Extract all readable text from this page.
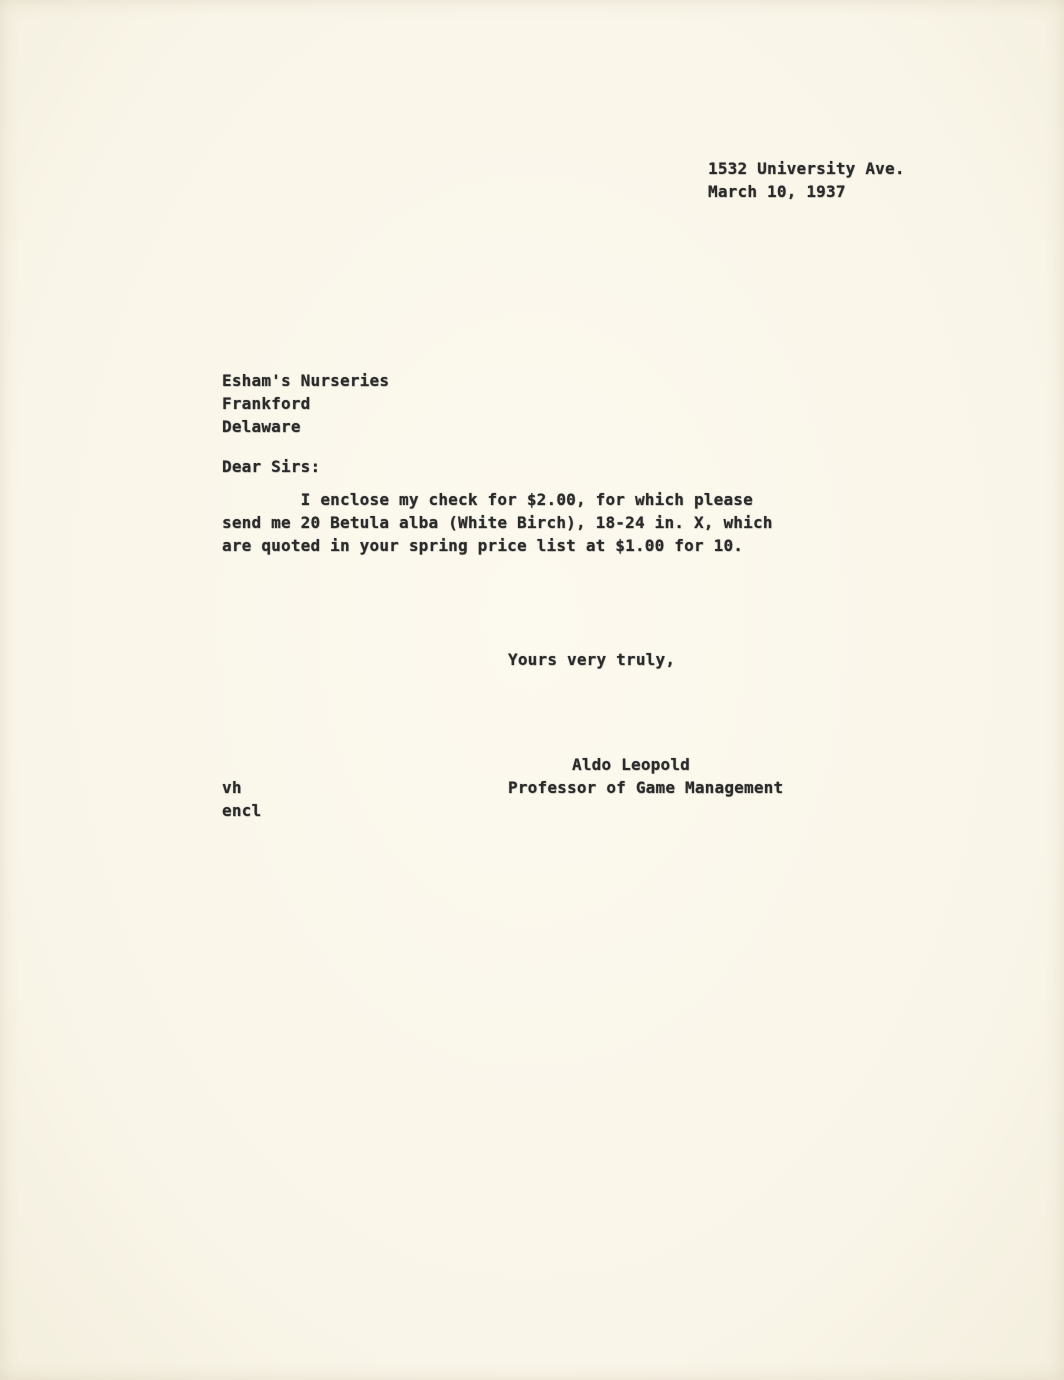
1532 University Ave.
March 10, 1937
Esham's Nurseries
Frankford
Delaware
Dear Sirs:
I enclose my check for $2.00, for which please
send me 20 Betula alba (White Birch), 18-24 in. X, which
are quoted in your spring price list at $1.00 for 10.
Yours very truly,
Aldo Leopold
Professor of Game Management
vh
encl
